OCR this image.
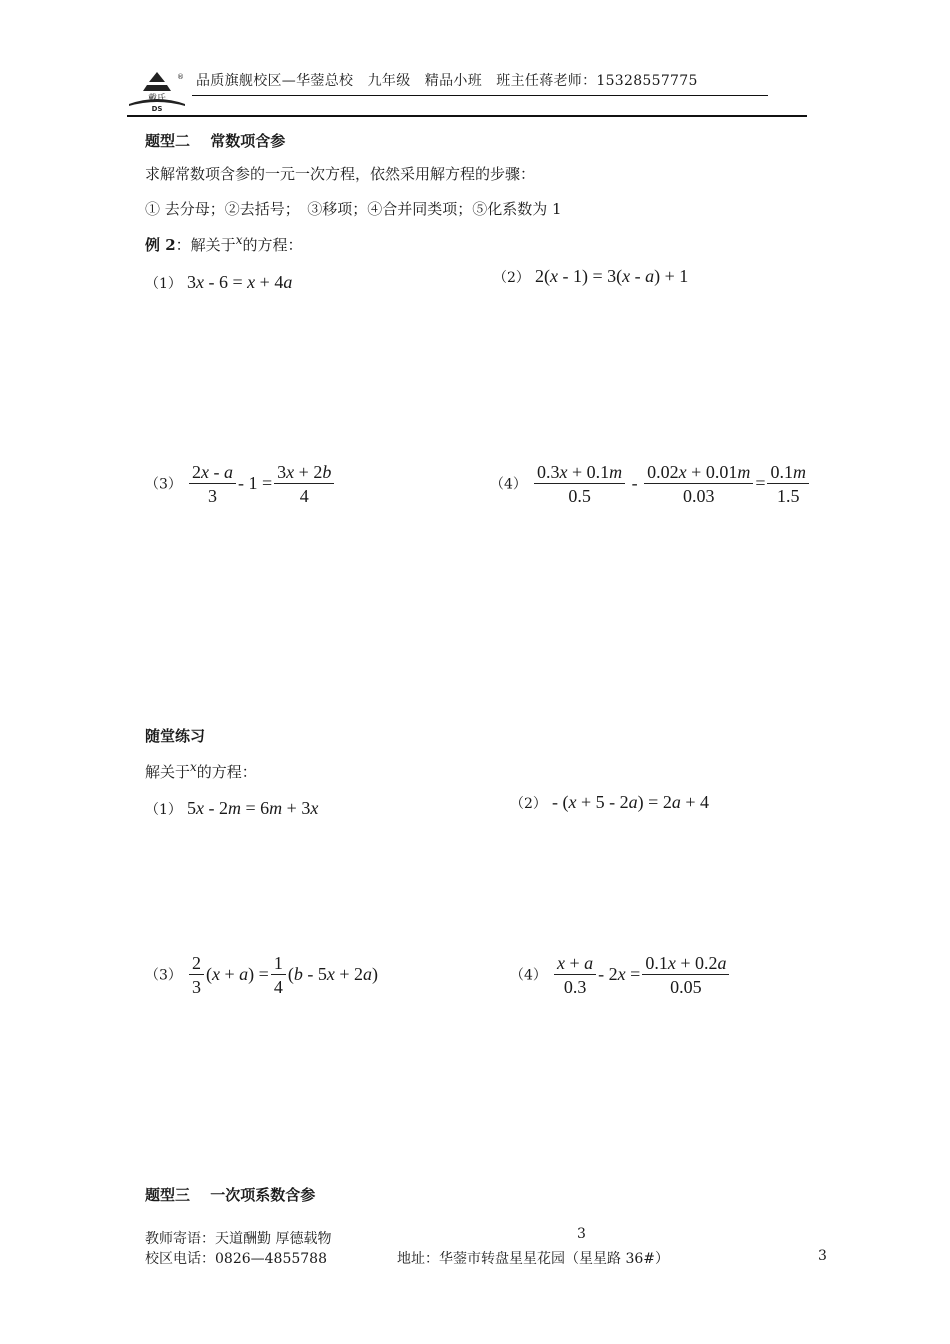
戴氏
DS
® 品质旗舰校区—华蓥总校　九年级　精品小班　班主任蒋老师：15328557775
题型二　 常数项含参
求解常数项含参的一元一次方程，依然采用解方程的步骤：
① 去分母；②去括号；　③移项；④合并同类项；⑤化系数为 1
例 2：解关于$^x$的方程：
（1） 3x - 6 = x + 4a	（2） 2(x - 1) = 3(x - a) + 1
$(3) \frac{2x - a}{3} - 1 = \frac{3x + 2b}{4}$	$(4) \frac{0.3x + 0.1m}{0.5} - \frac{0.02x + 0.01m}{0.03} = \frac{0.1m}{1.5}$
随堂练习
解关于$^x$的方程：
（1） 5x - 2m = 6m + 3x	（2） - (x + 5 - 2a) = 2a + 4
$(3) \frac{2}{3} (x + a) = \frac{1}{4} (b - 5x + 2a)$	$(4) \frac{x + a}{0.3} - 2x = \frac{0.1x + 0.2a}{0.05}$
题型三　 一次项系数含参
教师寄语：天道酬勤 厚德载物	3
校区电话：0826—4855788	地址：华蓥市转盘星星花园（星星路 36#）	3
